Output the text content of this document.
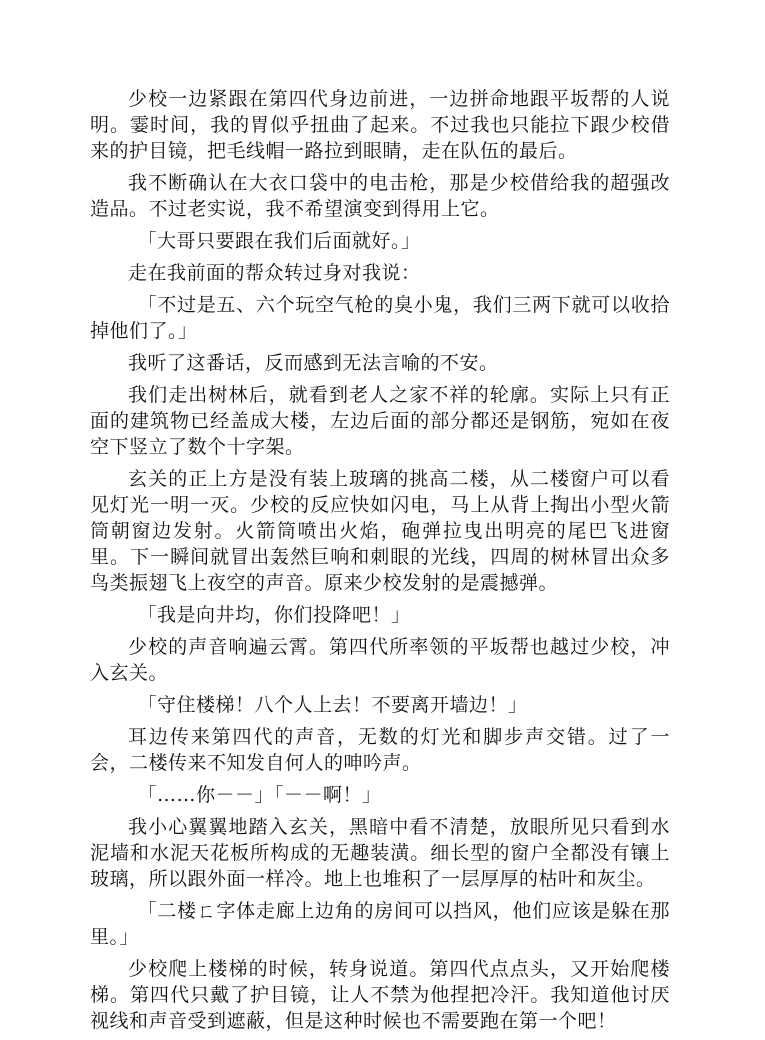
少校一边紧跟在第四代身边前进，一边拼命地跟平坂帮的人说明。霎时间，我的胃似乎扭曲了起来。不过我也只能拉下跟少校借来的护目镜，把毛线帽一路拉到眼睛，走在队伍的最后。

我不断确认在大衣口袋中的电击枪，那是少校借给我的超强改造品。不过老实说，我不希望演变到得用上它。

「大哥只要跟在我们后面就好。」

走在我前面的帮众转过身对我说：

「不过是五、六个玩空气枪的臭小鬼，我们三两下就可以收拾掉他们了。」

我听了这番话，反而感到无法言喻的不安。

我们走出树林后，就看到老人之家不祥的轮廓。实际上只有正面的建筑物已经盖成大楼，左边后面的部分都还是钢筋，宛如在夜空下竖立了数个十字架。

玄关的正上方是没有装上玻璃的挑高二楼，从二楼窗户可以看见灯光一明一灭。少校的反应快如闪电，马上从背上掏出小型火箭筒朝窗边发射。火箭筒喷出火焰，砲弹拉曳出明亮的尾巴飞进窗里。下一瞬间就冒出轰然巨响和刺眼的光线，四周的树林冒出众多鸟类振翅飞上夜空的声音。原来少校发射的是震撼弹。

「我是向井均，你们投降吧！」

少校的声音响遍云霄。第四代所率领的平坂帮也越过少校，冲入玄关。

「守住楼梯！八个人上去！不要离开墙边！」

耳边传来第四代的声音，无数的灯光和脚步声交错。过了一会，二楼传来不知发自何人的呻吟声。

「……你－－」「－－啊！」

我小心翼翼地踏入玄关，黑暗中看不清楚，放眼所见只看到水泥墙和水泥天花板所构成的无趣装潢。细长型的窗户全都没有镶上玻璃，所以跟外面一样冷。地上也堆积了一层厚厚的枯叶和灰尘。

「二楼ㄈ字体走廊上边角的房间可以挡风，他们应该是躲在那里。」

少校爬上楼梯的时候，转身说道。第四代点点头，又开始爬楼梯。第四代只戴了护目镜，让人不禁为他捏把冷汗。我知道他讨厌视线和声音受到遮蔽，但是这种时候也不需要跑在第一个吧！
